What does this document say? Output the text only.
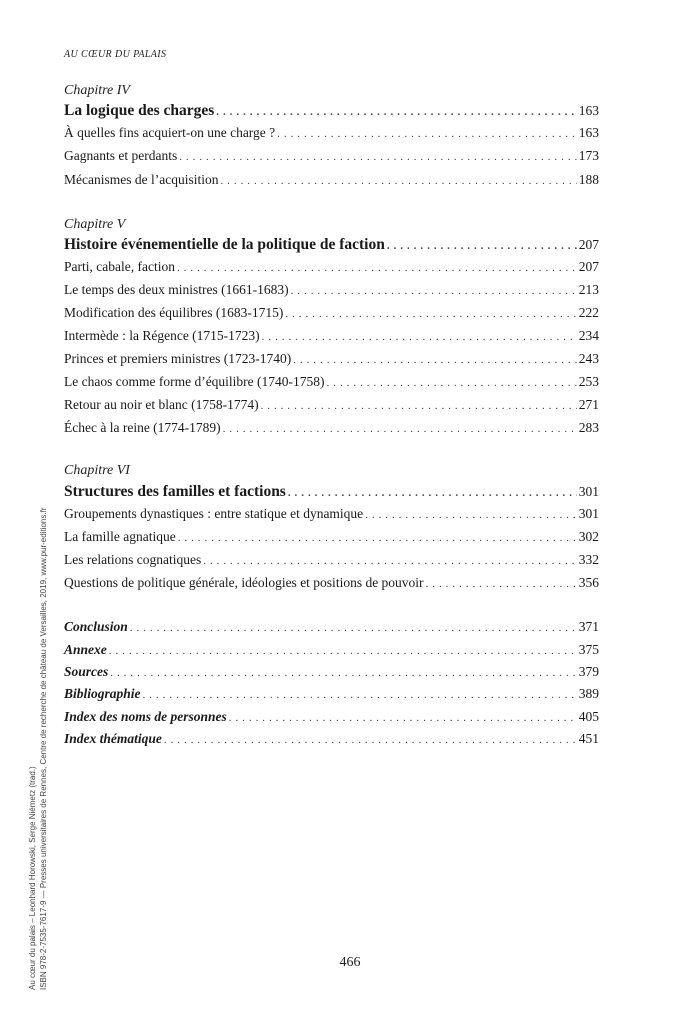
AU CŒUR DU PALAIS
Chapitre IV
La logique des charges . . .	163
À quelles fins acquiert-on une charge ? . . .	163
Gagnants et perdants . . .	173
Mécanismes de l’acquisition . . .	188
Chapitre V
Histoire événementielle de la politique de faction . . .	207
Parti, cabale, faction . . .	207
Le temps des deux ministres (1661-1683) . . .	213
Modification des équilibres (1683-1715) . . .	222
Intermède : la Régence (1715-1723) . . .	234
Princes et premiers ministres (1723-1740) . . .	243
Le chaos comme forme d’équilibre (1740-1758) . . .	253
Retour au noir et blanc (1758-1774) . . .	271
Échec à la reine (1774-1789) . . .	283
Chapitre VI
Structures des familles et factions . . .	301
Groupements dynastiques : entre statique et dynamique . . .	301
La famille agnatique . . .	302
Les relations cognatiques . . .	332
Questions de politique générale, idéologies et positions de pouvoir . . .	356
Conclusion . . .	371
Annexe . . .	375
Sources . . .	379
Bibliographie . . .	389
Index des noms de personnes . . .	405
Index thématique . . .	451
Au cœur du palais – Leonhard Horowski, Serge Niémetz (trad.) ISBN 978-2-7535-7617-9 — Presses universitaires de Rennes, Centre de recherche de château de Versailles, 2019, www.pur-editions.fr	466
